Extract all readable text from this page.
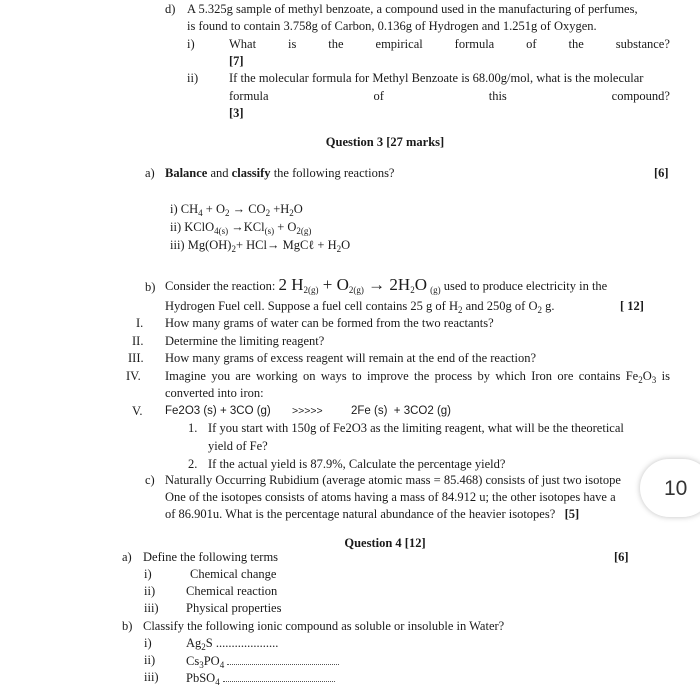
d) A 5.325g sample of methyl benzoate, a compound used in the manufacturing of perfumes,
is found to contain 3.758g of Carbon, 0.136g of Hydrogen and 1.251g of Oxygen.
i)	What	is	the	empirical	formula	of	the	substance?
[7]
ii) If the molecular formula for Methyl Benzoate is 68.00g/mol, what is the molecular
formula	of	this	compound?
[3]
Question 3 [27 marks]
a) Balance and classify the following reactions?	[6]
i) $CH_4 + O_2 \to CO_2 +H_2O$
ii) KClO$_{4(s)}$ $\to KCl_{(s)} + O_{2(g)}$
iii) $Mg(OH)_2+ HCl\to$ MgCℓ + $H_2O$
b) Consider the reaction: 2 $H_{2(g)} + O_{2(g)} \to 2H_2O$ $_{(g)}$ used to produce electricity in the
Hydrogen Fuel cell. Suppose a fuel cell contains 25 g of $H_2$ and 250g of $O_2$ g.	[ 12]
I. How many grams of water can be formed from the two reactants?
II. Determine the limiting reagent?
III. How many grams of excess reagent will remain at the end of the reaction?
IV. Imagine you are working on ways to improve the process by which Iron ore contains $Fe_2O_3$ is
converted into iron:
V. Fe2O3 (s) + 3CO (g) >>>>> 2Fe (s)  + 3CO2 (g)
1. If you start with 150g of Fe2O3 as the limiting reagent, what will be the theoretical
yield of Fe?
2. If the actual yield is 87.9%, Calculate the percentage yield?
c) Naturally Occurring Rubidium (average atomic mass = 85.468) consists of just two isotope
One of the isotopes consists of atoms having a mass of 84.912 u; the other isotopes have a
of 86.901u. What is the percentage natural abundance of the heavier isotopes? [5]
10
Question 4 [12]
a) Define the following terms	[6]
i)	Chemical change
ii) Chemical reaction
iii) Physical properties
b) Classify the following ionic compound as soluble or insoluble in Water?
i)	$Ag_2S$ ....................
ii) $Cs_3PO_4$
iii) PbSO$_4$
